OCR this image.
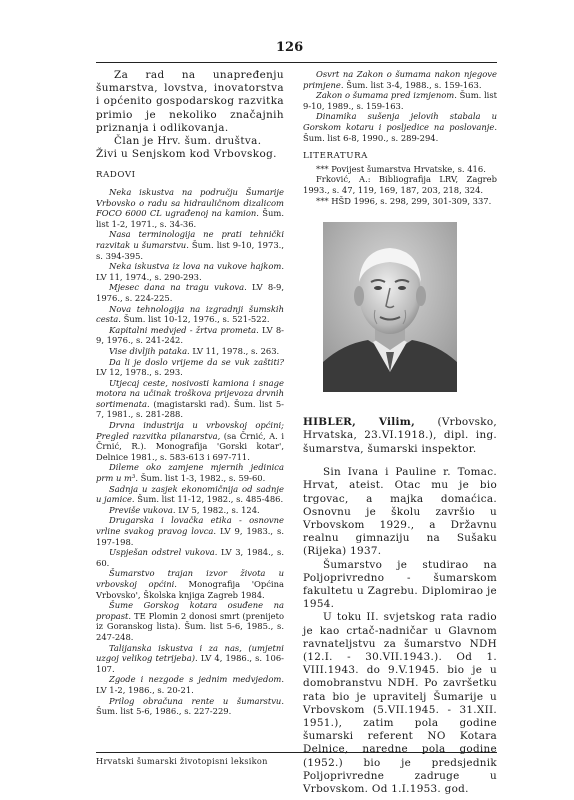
126

Za rad na unapređenju šumarstva, lovstva, inovatorstva i općenito gospodarskog razvitka primio je nekoliko značajnih priznanja i odlikovanja.

Član je Hrv. šum. društva. Živi u Senjskom kod Vrbovskog.

RADOVI

Neka iskustva na području Šumarije Vrbovsko o radu sa hidrauličnom dizalicom FOCO 6000 CL ugrađenoj na kamion. Šum. list 1-2, 1971., s. 34-36.

Nasa terminologija ne prati tehnički razvitak u šumarstvu. Šum. list 9-10, 1973., s. 394-395.

Neka iskustva iz lova na vukove hajkom. LV 11, 1974., s. 290-293.

Mjesec dana na tragu vukova. LV 8-9, 1976., s. 224-225.

Nova tehnologija na izgradnji šumskih cesta. Šum. list 10-12, 1976., s. 521-522.

Kapitalni medvjed - žrtva prometa. LV 8-9, 1976., s. 241-242.

Vise divljih pataka. LV 11, 1978., s. 263.

Da li je doslo vrijeme da se vuk zaštiti? LV 12, 1978., s. 293.

Utjecaj ceste, nosivosti kamiona i snage motora na učinak troškova prijevoza drvnih sortimenata. (magistarski rad). Šum. list 5-7, 1981., s. 281-288.

Drvna industrija u vrbovskoj općini; Pregled razvitka pilanarstva, (sa Črnić, A. i Črnić, R.). Monografija 'Gorski kotar', Delnice 1981., s. 583-613 i 697-711.

Dileme oko zamjene mjernih jedinica prm u m³. Šum. list 1-3, 1982., s. 59-60.

Sadnja u zasjek ekonomičnija od sadnje u jamice. Šum. list 11-12, 1982., s. 485-486.

Previše vukova. LV 5, 1982., s. 124.

Drugarska i lovačka etika - osnovne vrline svakog pravog lovca. LV 9, 1983., s. 197-198.

Uspješan odstrel vukova. LV 3, 1984., s. 60.

Šumarstvo trajan izvor života u vrbovskoj općini. Monografija 'Općina Vrbovsko', Školska knjiga Zagreb 1984.

Šume Gorskog kotara osuđene na propast. TE Plomin 2 donosi smrt (prenijeto iz Goranskog lista). Šum. list 5-6, 1985., s. 247-248.

Talijanska iskustva i za nas, (umjetni uzgoj velikog tetrijeba). LV 4, 1986., s. 106-107.

Zgode i nezgode s jednim medvjedom. LV 1-2, 1986., s. 20-21.

Prilog obračuna rente u šumarstvu. Šum. list 5-6, 1986., s. 227-229.

Osvrt na Zakon o šumama nakon njegove primjene. Šum. list 3-4, 1988., s. 159-163.

Zakon o šumama pred izmjenom. Šum. list 9-10, 1989., s. 159-163.

Dinamika sušenja jelovih stabala u Gorskom kotaru i posljedice na poslovanje. Šum. list 6-8, 1990., s. 289-294.

LITERATURA

*** Povijest šumarstva Hrvatske, s. 416.

Frković, A.: Bibliografija LRV, Zagreb 1993., s. 47, 119, 169, 187, 203, 218, 324.

*** HŠD 1996, s. 298, 299, 301-309, 337.

HIBLER, Vilim, (Vrbovsko, Hrvatska, 23.VI.1918.), dipl. ing. šumarstva, šumarski inspektor.

Sin Ivana i Pauline r. Tomac. Hrvat, ateist. Otac mu je bio trgovac, a majka domaćica. Osnovnu je školu završio u Vrbovskom 1929., a Državnu realnu gimnaziju na Sušaku (Rijeka) 1937.

Šumarstvo je studirao na Poljoprivredno - šumarskom fakultetu u Zagrebu. Diplomirao je 1954.

U toku II. svjetskog rata radio je kao crtač-nadničar u Glavnom ravnateljstvu za šumarstvo NDH (12.I. - 30.VII.1943.). Od 1. VIII.1943. do 9.V.1945. bio je u domobranstvu NDH. Po završetku rata bio je upravitelj Šumarije u Vrbovskom (5.VII.1945. - 31.XII. 1951.), zatim pola godine šumarski referent NO Kotara Delnice, naredne pola godine (1952.) bio je predsjednik Poljoprivredne zadruge u Vrbovskom. Od 1.I.1953. god.

Hrvatski šumarski životopisni leksikon
